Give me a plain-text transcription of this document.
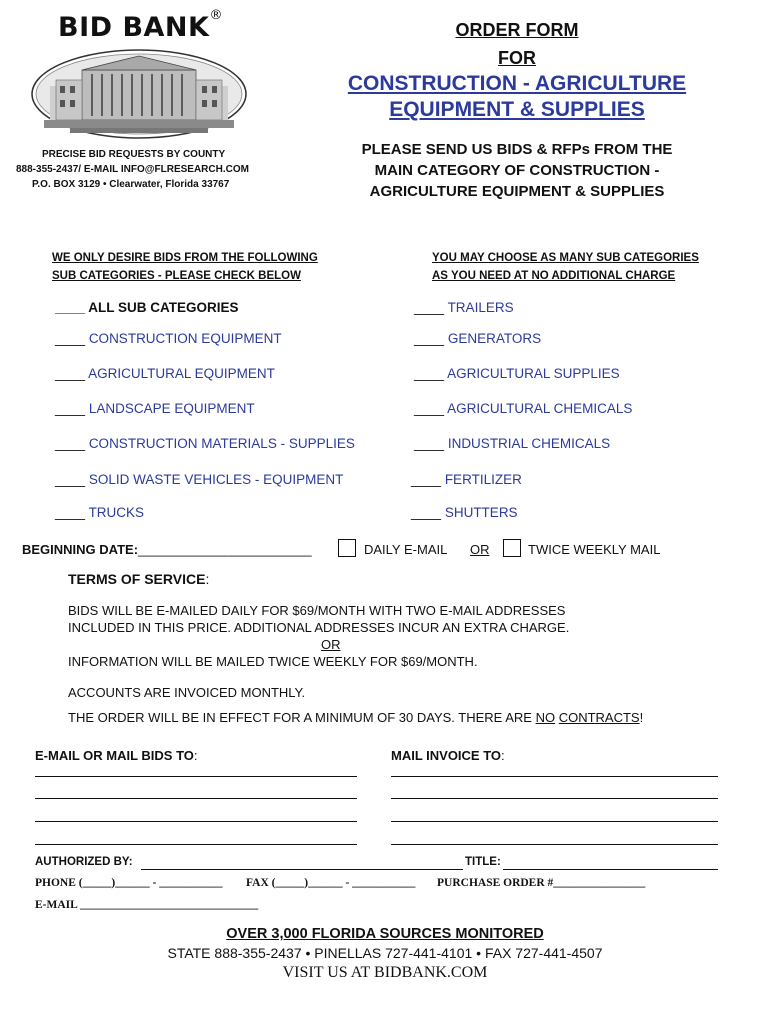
BID BANK®
PRECISE BID REQUESTS BY COUNTY
888-355-2437/ E-MAIL INFO@FLRESEARCH.COM
P.O. BOX 3129 • Clearwater, Florida 33767
ORDER FORM
FOR
CONSTRUCTION - AGRICULTURE
EQUIPMENT & SUPPLIES
PLEASE SEND US BIDS & RFPs FROM THE
MAIN CATEGORY OF CONSTRUCTION -
AGRICULTURE EQUIPMENT & SUPPLIES
WE ONLY DESIRE BIDS FROM THE FOLLOWING
SUB CATEGORIES - PLEASE CHECK BELOW
YOU MAY CHOOSE AS MANY SUB CATEGORIES
AS YOU NEED AT NO ADDITIONAL CHARGE
____ ALL SUB CATEGORIES
____ CONSTRUCTION EQUIPMENT
____ AGRICULTURAL EQUIPMENT
____ LANDSCAPE EQUIPMENT
____ CONSTRUCTION MATERIALS - SUPPLIES
____ SOLID WASTE VEHICLES - EQUIPMENT
____ TRUCKS
____ TRAILERS
____ GENERATORS
____ AGRICULTURAL SUPPLIES
____ AGRICULTURAL CHEMICALS
____ INDUSTRIAL CHEMICALS
____ FERTILIZER
____ SHUTTERS
BEGINNING DATE:________________________	DAILY E-MAIL OR	TWICE WEEKLY MAIL
TERMS OF SERVICE:
BIDS WILL BE E-MAILED DAILY FOR $69/MONTH WITH TWO E-MAIL ADDRESSES
INCLUDED IN THIS PRICE. ADDITIONAL ADDRESSES INCUR AN EXTRA CHARGE.
OR
INFORMATION WILL BE MAILED TWICE WEEKLY FOR $69/MONTH.
ACCOUNTS ARE INVOICED MONTHLY.
THE ORDER WILL BE IN EFFECT FOR A MINIMUM OF 30 DAYS. THERE ARE NO CONTRACTS!
E-MAIL OR MAIL BIDS TO:	MAIL INVOICE TO:
AUTHORIZED BY:	TITLE:
PHONE (_____)______ - ___________ FAX (_____)______ - ___________ PURCHASE ORDER #________________
E-MAIL _______________________________
OVER 3,000 FLORIDA SOURCES MONITORED
STATE 888-355-2437 • PINELLAS 727-441-4101 • FAX 727-441-4507
VISIT US AT BIDBANK.COM
